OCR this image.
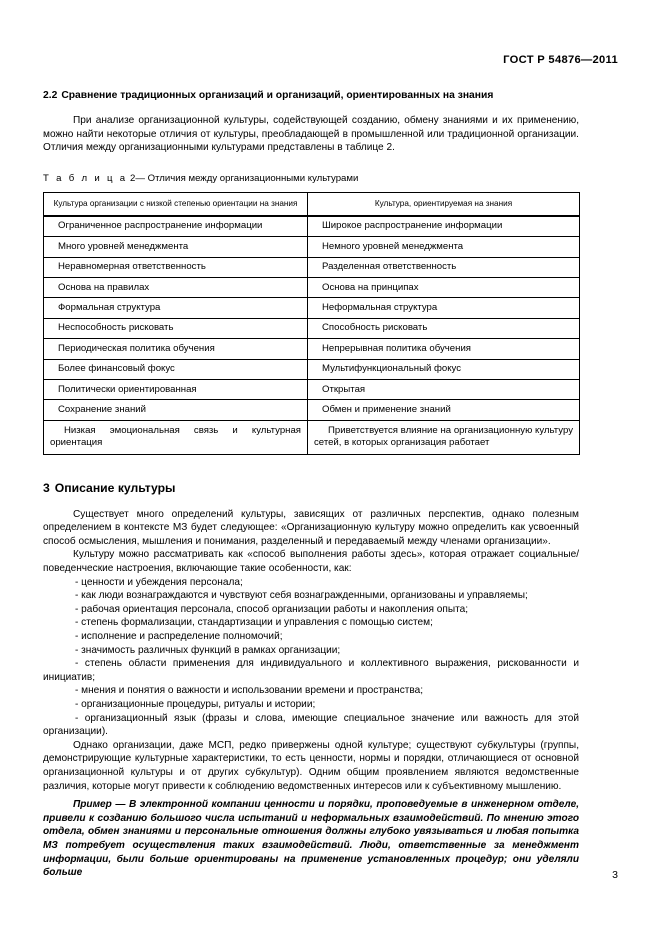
ГОСТ Р 54876—2011
2.2 Сравнение традиционных организаций и организаций, ориентированных на знания

При анализе организационной культуры, содействующей созданию, обмену знаниями и их применению, можно найти некоторые отличия от культуры, преобладающей в промышленной или традиционной организации. Отличия между организационными культурами представлены в таблице 2.

Т а б л и ц а 2— Отличия между организационными культурами

Культура организации с низкой степенью ориентации на знания	Культура, ориентируемая на знания
Ограниченное распространение информации	Широкое распространение информации
Много уровней менеджмента	Немного уровней менеджмента
Неравномерная ответственность	Разделенная ответственность
Основа на правилах	Основа на принципах
Формальная структура	Неформальная структура
Неспособность рисковать	Способность рисковать
Периодическая политика обучения	Непрерывная политика обучения
Более финансовый фокус	Мультифункциональный фокус
Политически ориентированная	Открытая
Сохранение знаний	Обмен и применение знаний
Низкая эмоциональная связь и культурная ориентация	Приветствуется влияние на организационную культуру сетей, в которых организация работает
3 Описание культуры

Существует много определений культуры, зависящих от различных перспектив, однако полезным определением в контексте МЗ будет следующее: «Организационную культуру можно определить как усвоенный способ осмысления, мышления и понимания, разделенный и передаваемый между членами организации».

Культуру можно рассматривать как «способ выполнения работы здесь», которая отражает социальные/поведенческие настроения, включающие такие особенности, как:

- ценности и убеждения персонала;
- как люди вознаграждаются и чувствуют себя вознагражденными, организованы и управляемы;
- рабочая ориентация персонала, способ организации работы и накопления опыта;
- степень формализации, стандартизации и управления с помощью систем;
- исполнение и распределение полномочий;
- значимость различных функций в рамках организации;
- степень области применения для индивидуального и коллективного выражения, рискованности и инициатив;
- мнения и понятия о важности и использовании времени и пространства;
- организационные процедуры, ритуалы и истории;
- организационный язык (фразы и слова, имеющие специальное значение или важность для этой организации).

Однако организации, даже МСП, редко привержены одной культуре; существуют субкультуры (группы, демонстрирующие культурные характеристики, то есть ценности, нормы и порядки, отличающиеся от основной организационной культуры и от других субкультур). Одним общим проявлением являются ведомственные различия, которые могут привести к соблюдению ведомственных интересов или к субъективному мышлению.

Пример — В электронной компании ценности и порядки, проповедуемые в инженерном отделе, привели к созданию большого числа испытаний и неформальных взаимодействий. По мнению этого отдела, обмен знаниями и персональные отношения должны глубоко увязываться и любая попытка МЗ потребует осуществления таких взаимодействий. Люди, ответственные за менеджмент информации, были больше ориентированы на применение установленных процедур; они уделяли больше	3
